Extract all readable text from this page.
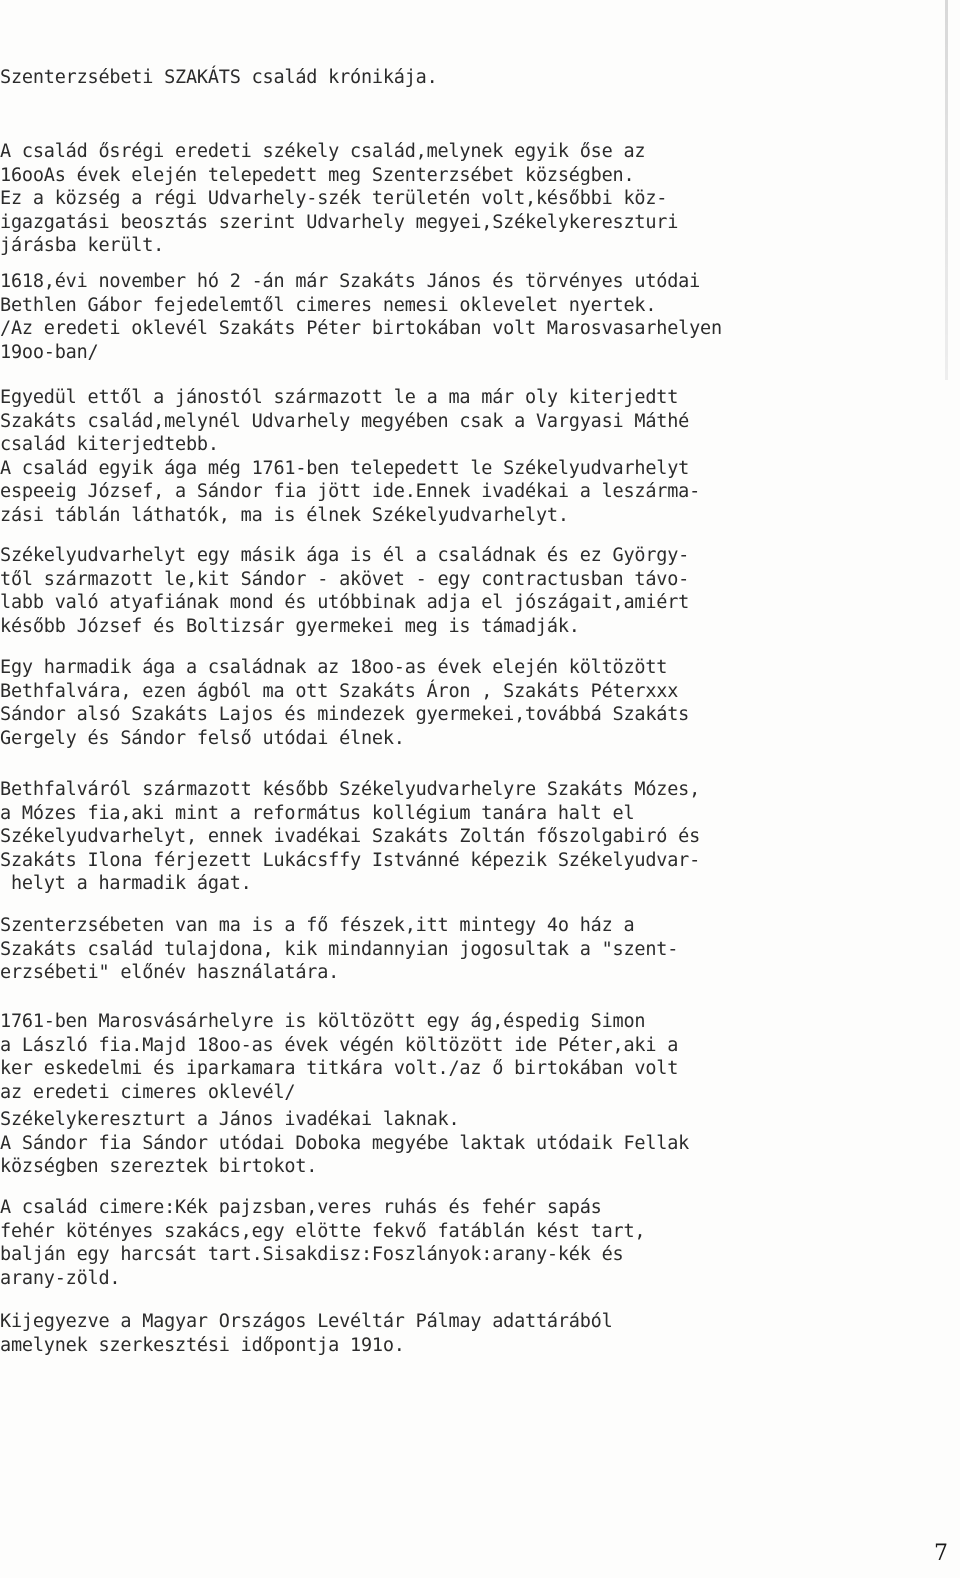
Szenterzsébeti SZAKÁTS család krónikája.
A család ősrégi eredeti székely család,melynek egyik őse az
16ooAs évek elején telepedett meg Szenterzsébet községben.
Ez a község a régi Udvarhely-szék területén volt,későbbi köz-
igazgatási beosztás szerint Udvarhely megyei,Székelykereszturi
járásba került.
1618,évi november hó 2 -án már Szakáts János és törvényes utódai
Bethlen Gábor fejedelemtől cimeres nemesi oklevelet nyertek.
/Az eredeti oklevél Szakáts Péter birtokában volt Marosvasarhelyen
19oo-ban/
Egyedül ettől a jánostól származott le a ma már oly kiterjedtt
Szakáts család,melynél Udvarhely megyében csak a Vargyasi Máthé
család kiterjedtebb.
A család egyik ága még 1761-ben telepedett le Székelyudvarhelyt
espeeig József, a Sándor fia jött ide.Ennek ivadékai a leszárma-
zási táblán láthatók, ma is élnek Székelyudvarhelyt.
Székelyudvarhelyt egy másik ága is él a családnak és ez György-
től származott le,kit Sándor - akövet - egy contractusban távo-
labb való atyafiának mond és utóbbinak adja el jószágait,amiért
később József és Boltizsár gyermekei meg is támadják.
Egy harmadik ága a családnak az 18oo-as évek elején költözött
Bethfalvára, ezen ágból ma ott Szakáts Áron , Szakáts Péterxxx
Sándor alsó Szakáts Lajos és mindezek gyermekei,továbbá Szakáts
Gergely és Sándor felső utódai élnek.
Bethfalváról származott később Székelyudvarhelyre Szakáts Mózes,
a Mózes fia,aki mint a református kollégium tanára halt el
Székelyudvarhelyt, ennek ivadékai Szakáts Zoltán főszolgabiró és
Szakáts Ilona férjezett Lukácsffy Istvánné képezik Székelyudvar-
helyt a harmadik ágat.
Szenterzsébeten van ma is a fő fészek,itt mintegy 4o ház a
Szakáts család tulajdona, kik mindannyian jogosultak a "szent-
erzsébeti" előnév használatára.
1761-ben Marosvásárhelyre is költözött egy ág,éspedig Simon
a László fia.Majd 18oo-as évek végén költözött ide Péter,aki a
ker eskedelmi és iparkamara titkára volt./az ő birtokában volt
az eredeti cimeres oklevél/
Székelykereszturt a János ivadékai laknak.
A Sándor fia Sándor utódai Doboka megyébe laktak utódaik Fellak
községben szereztek birtokot.
A család cimere:Kék pajzsban,veres ruhás és fehér sapás
fehér kötényes szakács,egy elötte fekvő fatáblán kést tart,
balján egy harcsát tart.Sisakdisz:Foszlányok:arany-kék és
arany-zöld.
Kijegyezve a Magyar Országos Levéltár Pálmay adattárából
amelynek szerkesztési időpontja 191o.
7
